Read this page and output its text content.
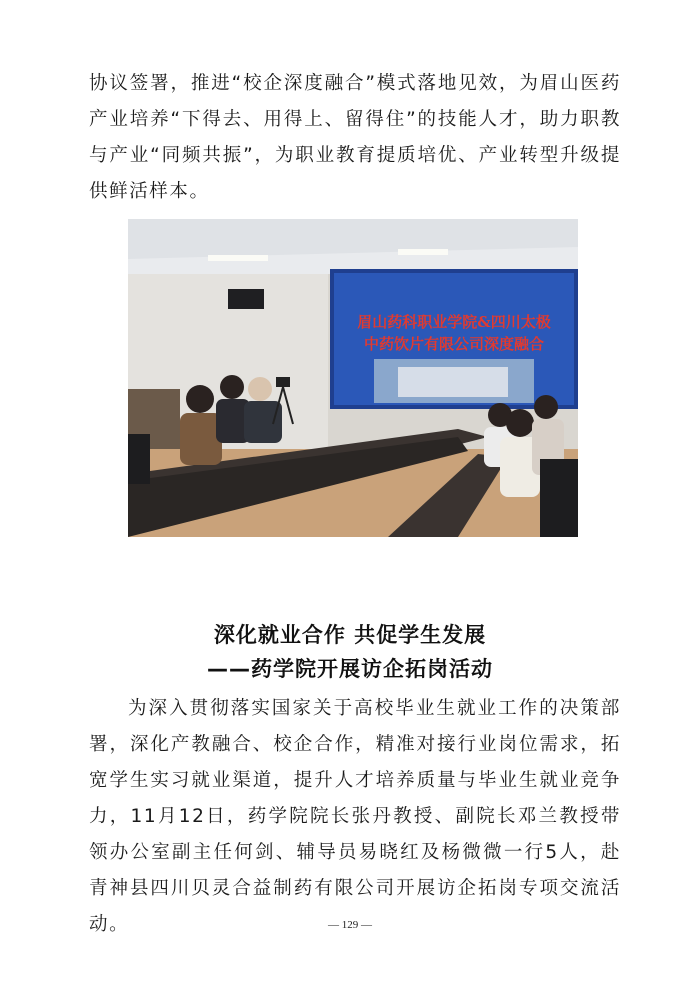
协议签署，推进“校企深度融合”模式落地见效，为眉山医药产业培养“下得去、用得上、留得住”的技能人才，助力职教与产业“同频共振”，为职业教育提质培优、产业转型升级提供鲜活样本。
眉山药科职业学院&四川太极
中药饮片有限公司深度融合
深化就业合作 共促学生发展
——药学院开展访企拓岗活动
为深入贯彻落实国家关于高校毕业生就业工作的决策部署，深化产教融合、校企合作，精准对接行业岗位需求，拓宽学生实习就业渠道，提升人才培养质量与毕业生就业竞争力，11月12日，药学院院长张丹教授、副院长邓兰教授带领办公室副主任何剑、辅导员易晓红及杨微微一行5人，赴青神县四川贝灵合益制药有限公司开展访企拓岗专项交流活动。	— 129 —
